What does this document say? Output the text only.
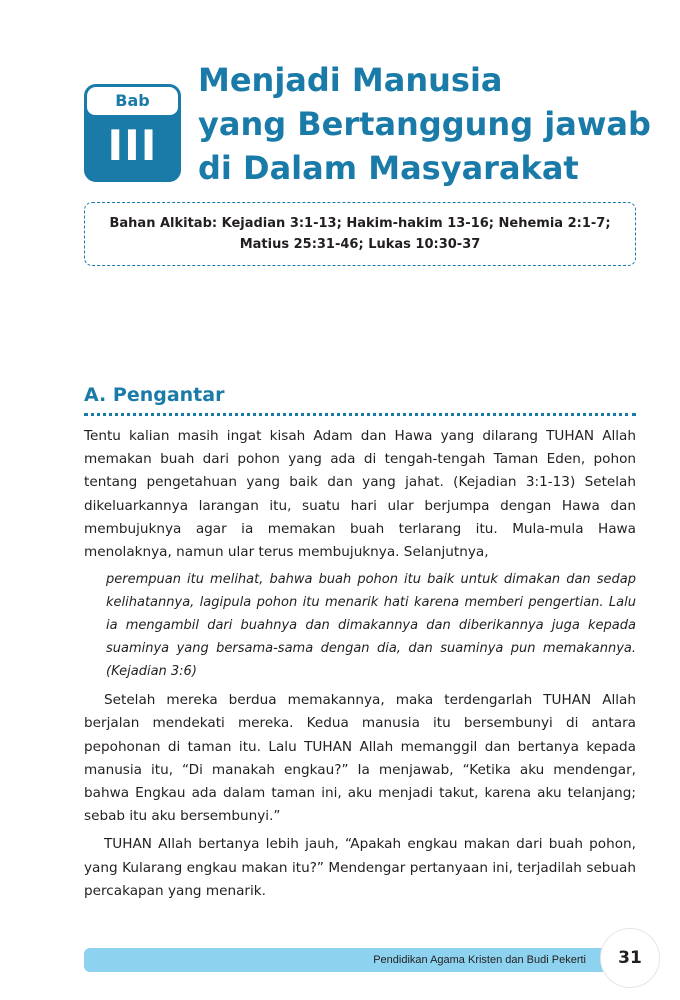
Bab
III
Menjadi Manusia
yang Bertanggung jawab
di Dalam Masyarakat
Bahan Alkitab: Kejadian 3:1-13; Hakim-hakim 13-16; Nehemia 2:1-7;
Matius 25:31-46; Lukas 10:30-37
A. Pengantar

Tentu kalian masih ingat kisah Adam dan Hawa yang dilarang TUHAN Allah memakan buah dari pohon yang ada di tengah-tengah Taman Eden, pohon tentang pengetahuan yang baik dan yang jahat. (Kejadian 3:1-13) Setelah dikeluarkannya larangan itu, suatu hari ular berjumpa dengan Hawa dan membujuknya agar ia memakan buah terlarang itu. Mula-mula Hawa menolaknya, namun ular terus membujuknya. Selanjutnya,

perempuan itu melihat, bahwa buah pohon itu baik untuk dimakan dan sedap kelihatannya, lagipula pohon itu menarik hati karena memberi pengertian. Lalu ia mengambil dari buahnya dan dimakannya dan diberikannya juga kepada suaminya yang bersama-sama dengan dia, dan suaminya pun memakannya. (Kejadian 3:6)

Setelah mereka berdua memakannya, maka terdengarlah TUHAN Allah berjalan mendekati mereka. Kedua manusia itu bersembunyi di antara pepohonan di taman itu. Lalu TUHAN Allah memanggil dan bertanya kepada manusia itu, “Di manakah engkau?” Ia menjawab, “Ketika aku mendengar, bahwa Engkau ada dalam taman ini, aku menjadi takut, karena aku telanjang; sebab itu aku bersembunyi.”

TUHAN Allah bertanya lebih jauh, “Apakah engkau makan dari buah pohon, yang Kularang engkau makan itu?” Mendengar pertanyaan ini, terjadilah sebuah percakapan yang menarik.

Pendidikan Agama Kristen dan Budi Pekerti	31
